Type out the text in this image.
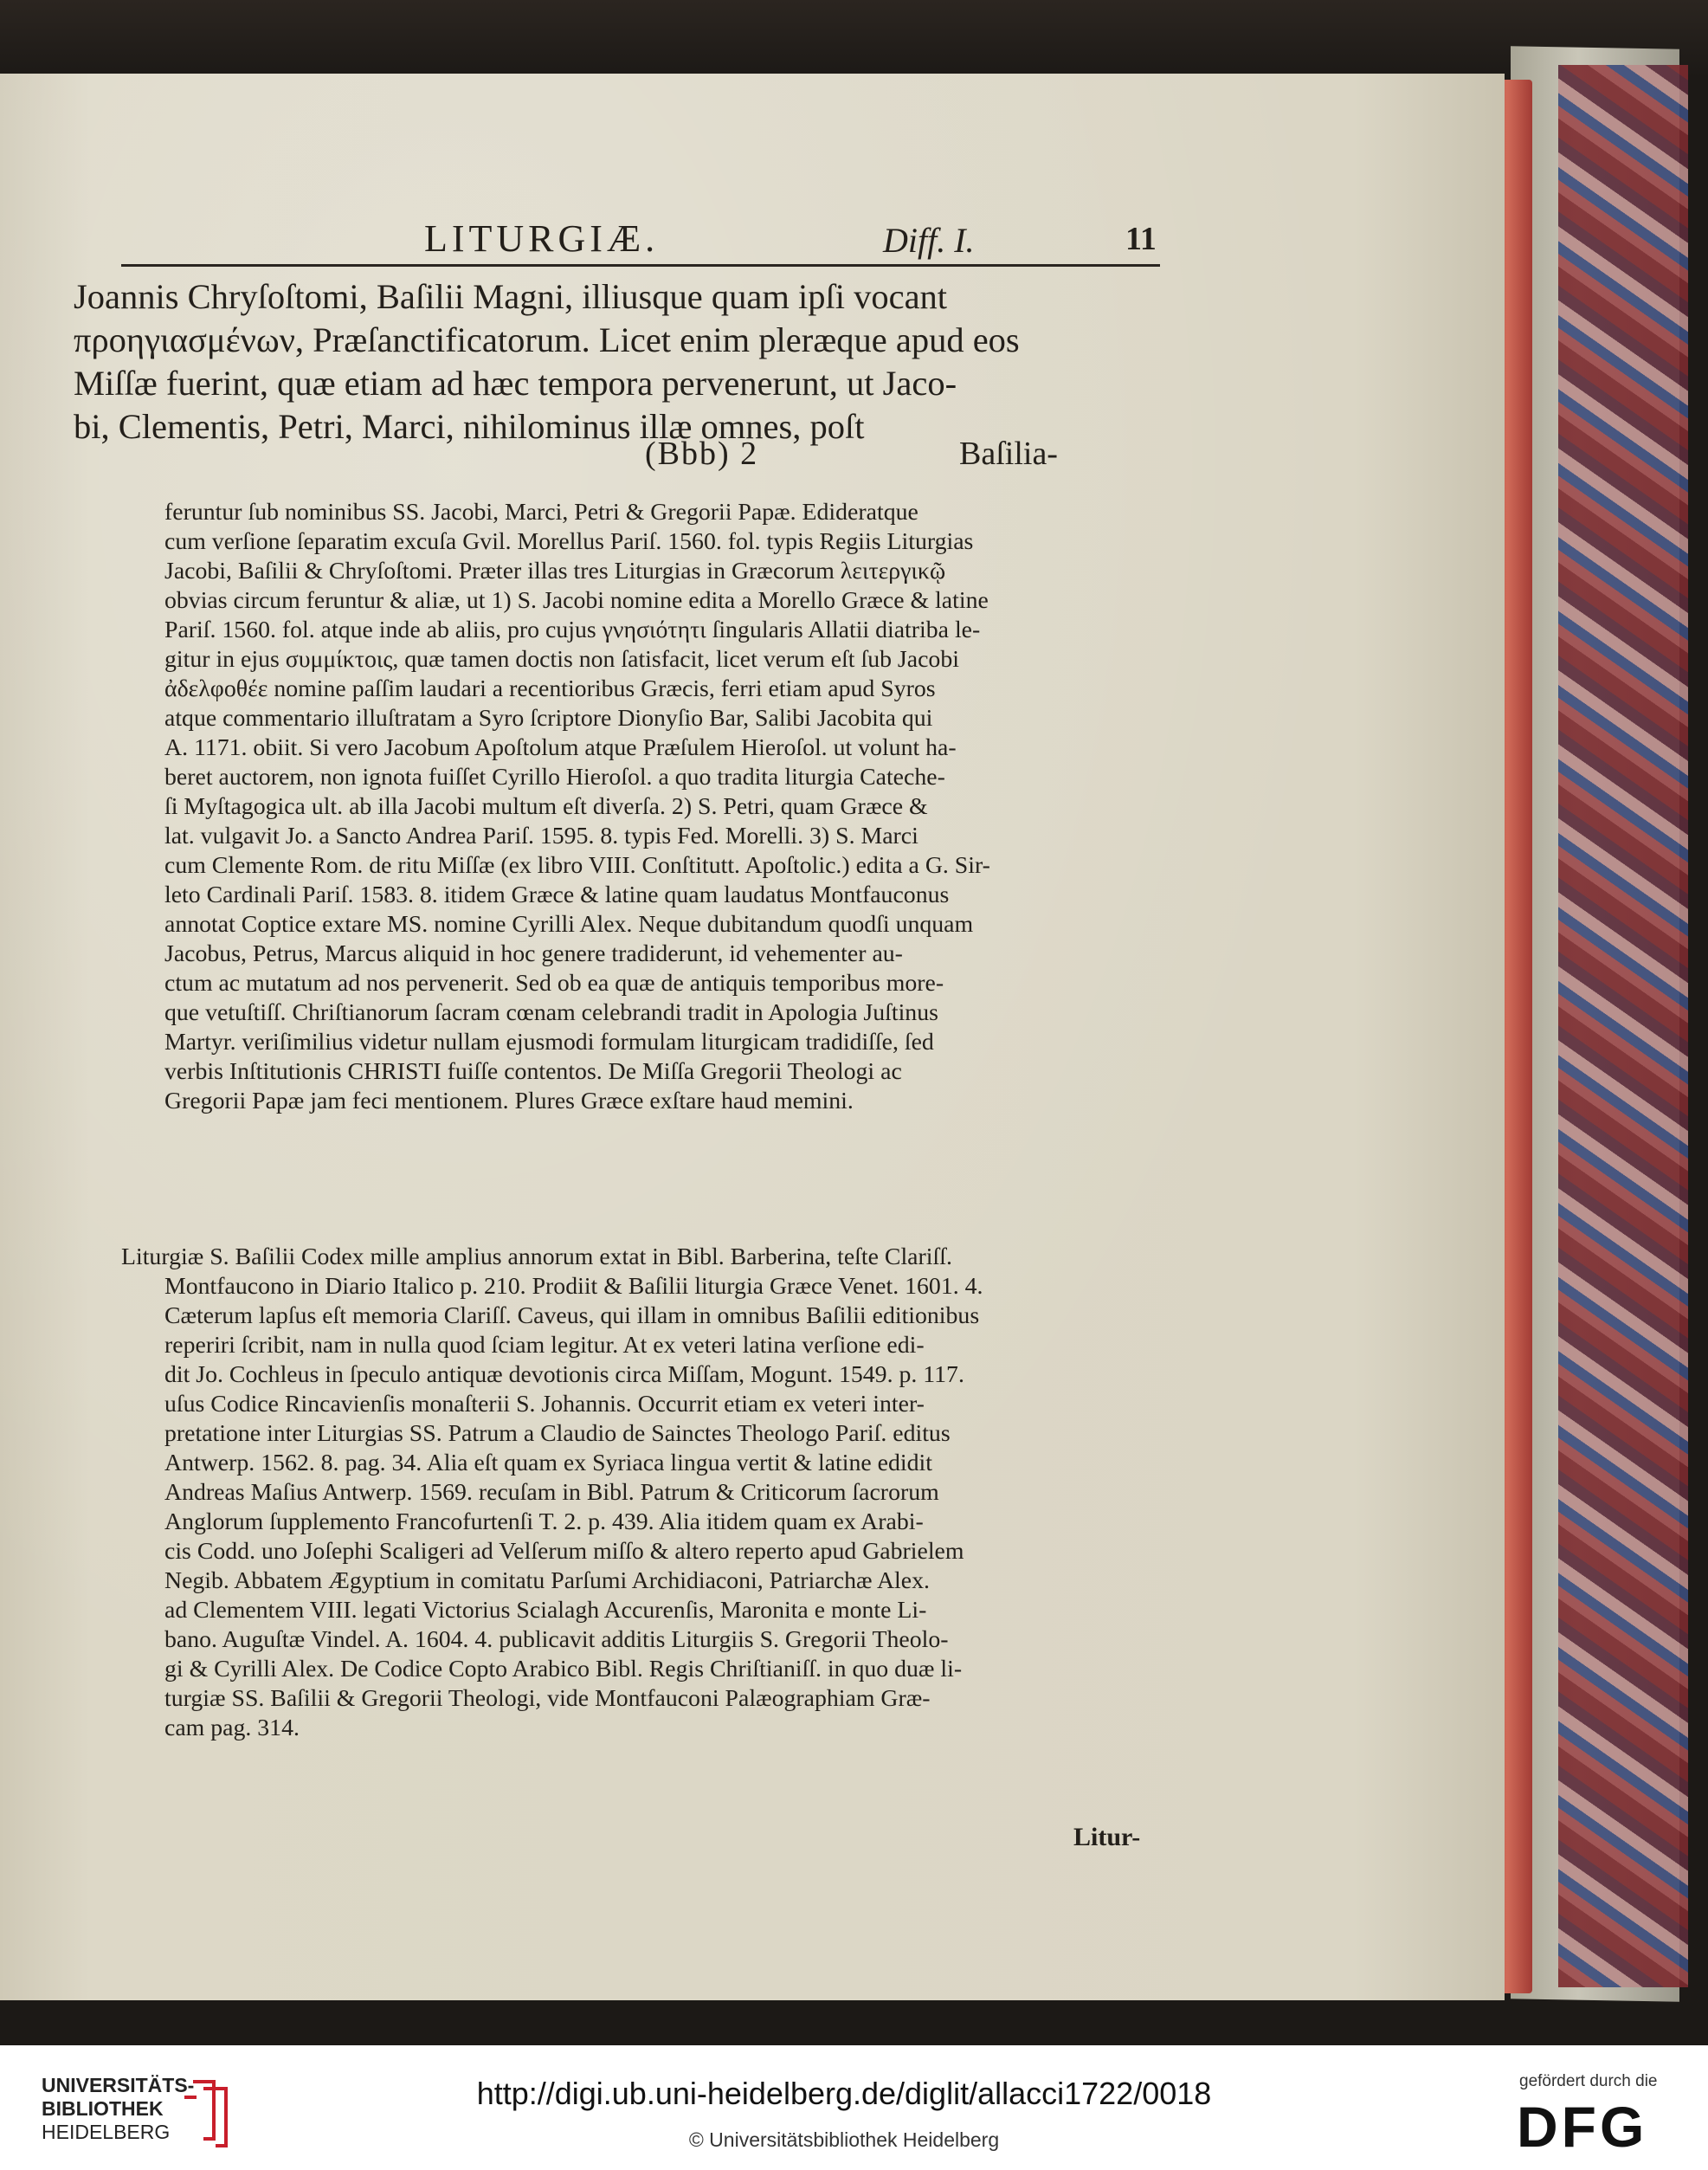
LITURGIÆ.	Diff. I.	11
Joannis Chryſoſtomi, Baſilii Magni, illiusque quam ipſi vocant
προηγιασμένων, Præſanctificatorum. Licet enim pleræque apud eos
Miſſæ fuerint, quæ etiam ad hæc tempora pervenerunt, ut Jaco-
bi, Clementis, Petri, Marci, nihilominus illæ omnes, poſt
(Bbb) 2	Baſilia-
feruntur ſub nominibus SS. Jacobi, Marci, Petri & Gregorii Papæ. Edideratque
cum verſione ſeparatim excuſa Gvil. Morellus Pariſ. 1560. fol. typis Regiis Liturgias
Jacobi, Baſilii & Chryſoſtomi. Præter illas tres Liturgias in Græcorum λειτεργικῷ
obvias circum feruntur & aliæ, ut 1) S. Jacobi nomine edita a Morello Græce & latine
Pariſ. 1560. fol. atque inde ab aliis, pro cujus γνησιότητι ſingularis Allatii diatriba le-
gitur in ejus συμμίκτοις, quæ tamen doctis non ſatisfacit, licet verum eſt ſub Jacobi
ἀδελφοθέε nomine paſſim laudari a recentioribus Græcis, ferri etiam apud Syros
atque commentario illuſtratam a Syro ſcriptore Dionyſio Bar, Salibi Jacobita qui
A. 1171. obiit. Si vero Jacobum Apoſtolum atque Præſulem Hieroſol. ut volunt ha-
beret auctorem, non ignota fuiſſet Cyrillo Hieroſol. a quo tradita liturgia Cateche-
ſi Myſtagogica ult. ab illa Jacobi multum eſt diverſa. 2) S. Petri, quam Græce &
lat. vulgavit Jo. a Sancto Andrea Pariſ. 1595. 8. typis Fed. Morelli. 3) S. Marci
cum Clemente Rom. de ritu Miſſæ (ex libro VIII. Conſtitutt. Apoſtolic.) edita a G. Sir-
leto Cardinali Pariſ. 1583. 8. itidem Græce & latine quam laudatus Montfauconus
annotat Coptice extare MS. nomine Cyrilli Alex. Neque dubitandum quodſi unquam
Jacobus, Petrus, Marcus aliquid in hoc genere tradiderunt, id vehementer au-
ctum ac mutatum ad nos pervenerit. Sed ob ea quæ de antiquis temporibus more-
que vetuſtiſſ. Chriſtianorum ſacram cœnam celebrandi tradit in Apologia Juſtinus
Martyr. veriſimilius videtur nullam ejusmodi formulam liturgicam tradidiſſe, ſed
verbis Inſtitutionis CHRISTI fuiſſe contentos. De Miſſa Gregorii Theologi ac
Gregorii Papæ jam feci mentionem. Plures Græce exſtare haud memini.
Liturgiæ S. Baſilii Codex mille amplius annorum extat in Bibl. Barberina, teſte Clariſſ.
Montfaucono in Diario Italico p. 210. Prodiit & Baſilii liturgia Græce Venet. 1601. 4.
Cæterum lapſus eſt memoria Clariſſ. Caveus, qui illam in omnibus Baſilii editionibus
reperiri ſcribit, nam in nulla quod ſciam legitur. At ex veteri latina verſione edi-
dit Jo. Cochleus in ſpeculo antiquæ devotionis circa Miſſam, Mogunt. 1549. p. 117.
uſus Codice Rincavienſis monaſterii S. Johannis. Occurrit etiam ex veteri inter-
pretatione inter Liturgias SS. Patrum a Claudio de Sainctes Theologo Pariſ. editus
Antwerp. 1562. 8. pag. 34. Alia eſt quam ex Syriaca lingua vertit & latine edidit
Andreas Maſius Antwerp. 1569. recuſam in Bibl. Patrum & Criticorum ſacrorum
Anglorum ſupplemento Francofurtenſi T. 2. p. 439. Alia itidem quam ex Arabi-
cis Codd. uno Joſephi Scaligeri ad Velſerum miſſo & altero reperto apud Gabrielem
Negib. Abbatem Ægyptium in comitatu Parſumi Archidiaconi, Patriarchæ Alex.
ad Clementem VIII. legati Victorius Scialagh Accurenſis, Maronita e monte Li-
bano. Auguſtæ Vindel. A. 1604. 4. publicavit additis Liturgiis S. Gregorii Theolo-
gi & Cyrilli Alex. De Codice Copto Arabico Bibl. Regis Chriſtianiſſ. in quo duæ li-
turgiæ SS. Baſilii & Gregorii Theologi, vide Montfauconi Palæographiam Græ-
cam pag. 314.
Litur-
UNIVERSITÄTS-
BIBLIOTHEK
HEIDELBERG
http://digi.ub.uni-heidelberg.de/diglit/allacci1722/0018
© Universitätsbibliothek Heidelberg
gefördert durch die
DFG
